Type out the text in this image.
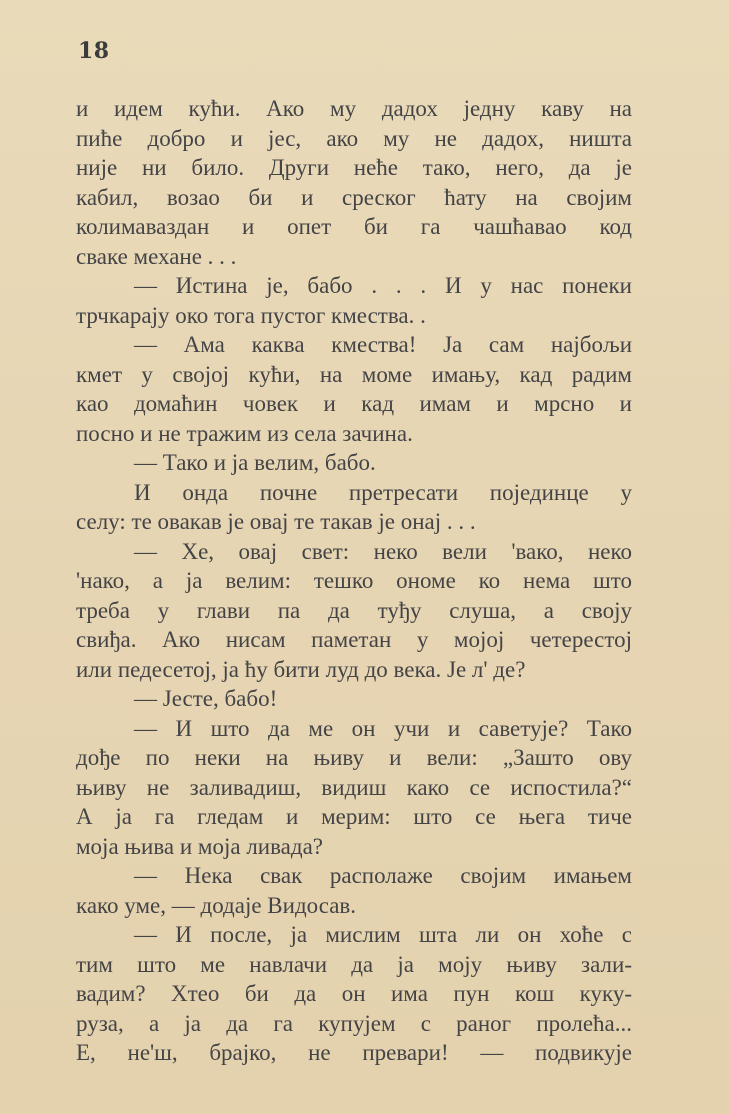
18
и идем кући. Ако му дадох једну каву на
пиће добро и јес, ако му не дадох, ништа
није ни било. Други неће тако, него, да је
кабил, возао би и среског ћату на својим
колимаваздан и опет би га чашћавао код
сваке механе . . .
— Истина је, бабо . . . И у нас понеки
трчкарају око тога пустог кмества. .
— Ама каква кмества! Ја сам најбољи
кмет у својој кући, на моме имању, кад радим
као домаћин човек и кад имам и мрсно и
посно и не тражим из села зачина.
— Тако и ја велим, бабо.
И онда почне претресати појединце у
селу: те овакав је овај те такав је онај . . .
— Хе, овај свет: неко вели 'вако, неко
'нако, а ја велим: тешко ономе ко нема што
треба у глави па да туђу слуша, а своју
свиђа. Ако нисам паметан у мојој четерестој
или педесетој, ја ћу бити луд до века. Је л' де?
— Јесте, бабо!
— И што да ме он учи и саветује? Тако
дође по неки на њиву и вели: „Зашто ову
њиву не заливадиш, видиш како се испостила?“
А ја га гледам и мерим: што се њега тиче
моја њива и моја ливада?
— Нека свак располаже својим имањем
како уме, — додаје Видосав.
— И после, ја мислим шта ли он хоће с
тим што ме навлачи да ја моју њиву зали-
вадим? Хтео би да он има пун кош куку-
руза, а ја да га купујем с раног пролећа...
Е, не'ш, брајко, не превари! — подвикује
